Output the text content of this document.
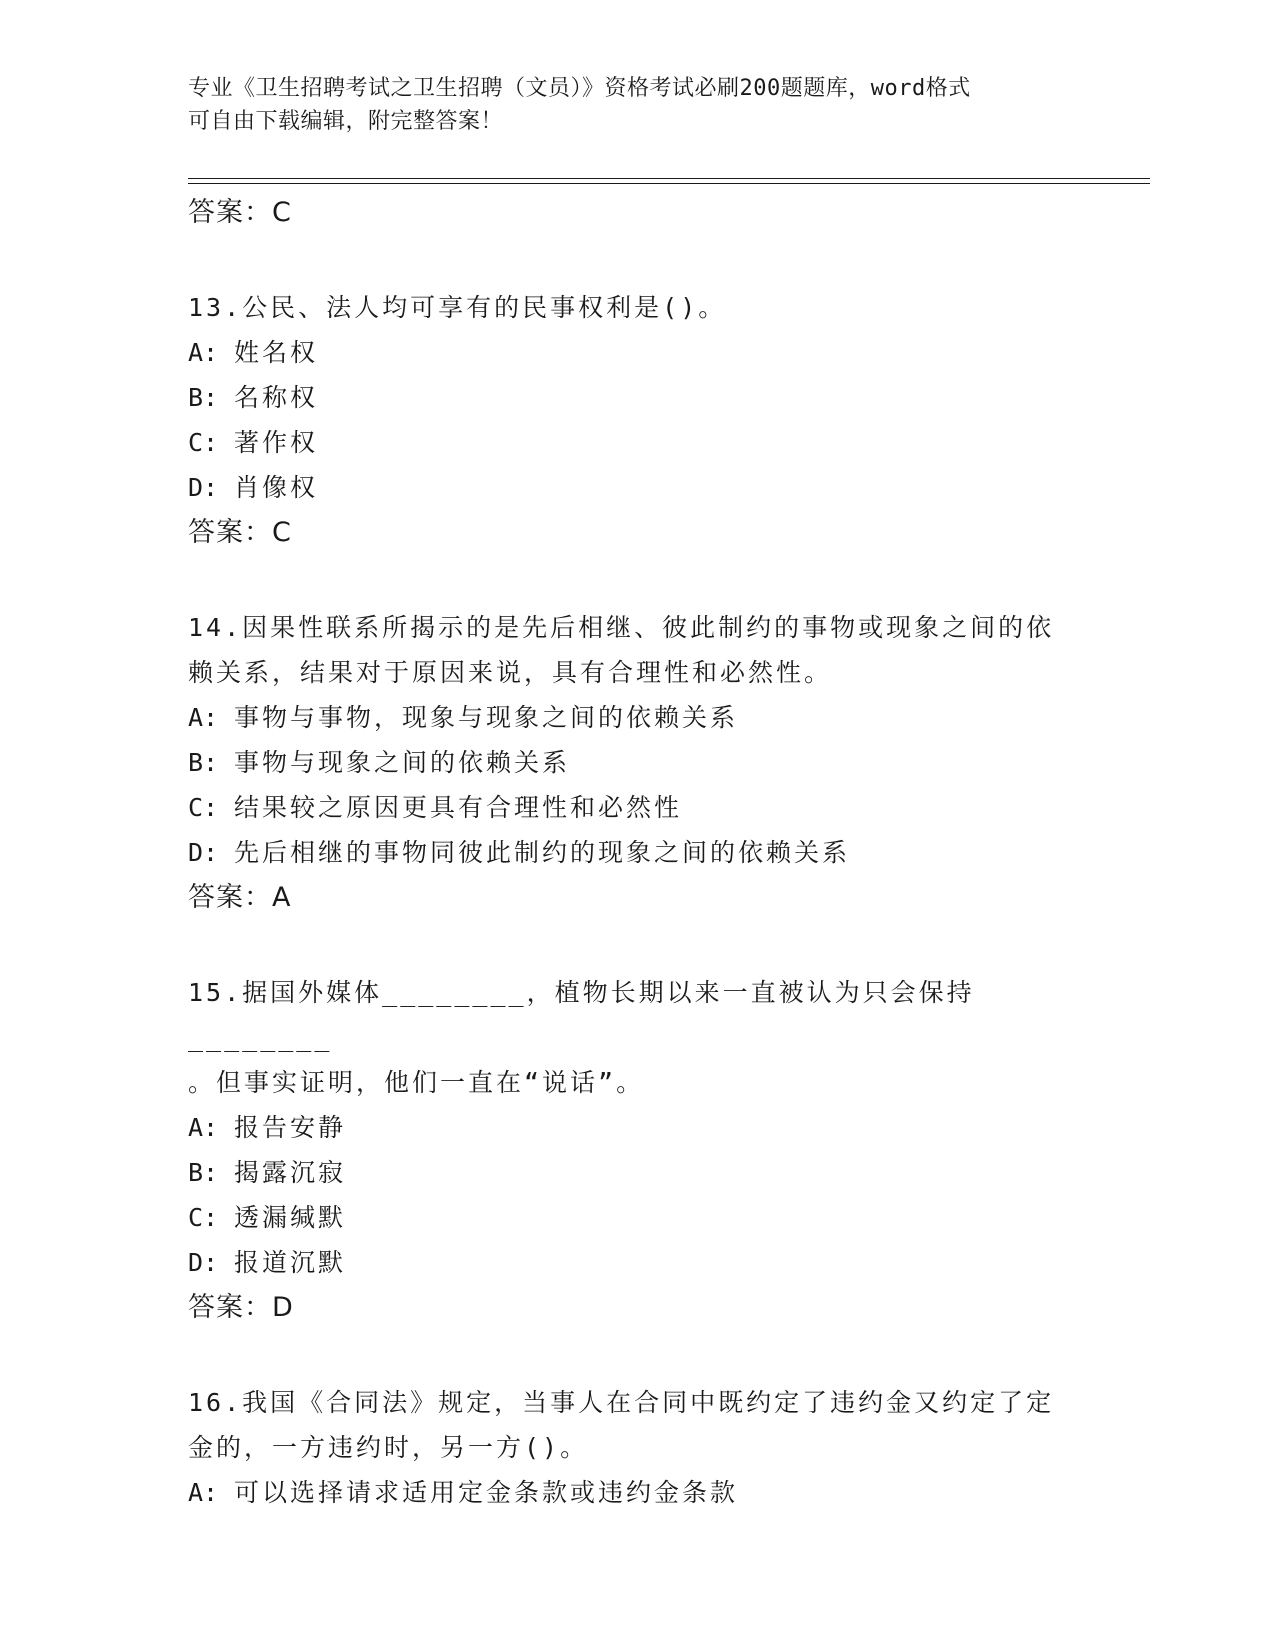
专业《卫生招聘考试之卫生招聘（文员）》资格考试必刷200题题库，word格式
可自由下载编辑，附完整答案！
答案：C
13.公民、法人均可享有的民事权利是()。
A: 姓名权
B: 名称权
C: 著作权
D: 肖像权
答案：C
14.因果性联系所揭示的是先后相继、彼此制约的事物或现象之间的依
赖关系，结果对于原因来说，具有合理性和必然性。
A: 事物与事物，现象与现象之间的依赖关系
B: 事物与现象之间的依赖关系
C: 结果较之原因更具有合理性和必然性
D: 先后相继的事物同彼此制约的现象之间的依赖关系
答案：A
15.据国外媒体________，植物长期以来一直被认为只会保持________
。但事实证明，他们一直在“说话”。
A: 报告安静
B: 揭露沉寂
C: 透漏缄默
D: 报道沉默
答案：D
16.我国《合同法》规定，当事人在合同中既约定了违约金又约定了定
金的，一方违约时，另一方()。
A: 可以选择请求适用定金条款或违约金条款
